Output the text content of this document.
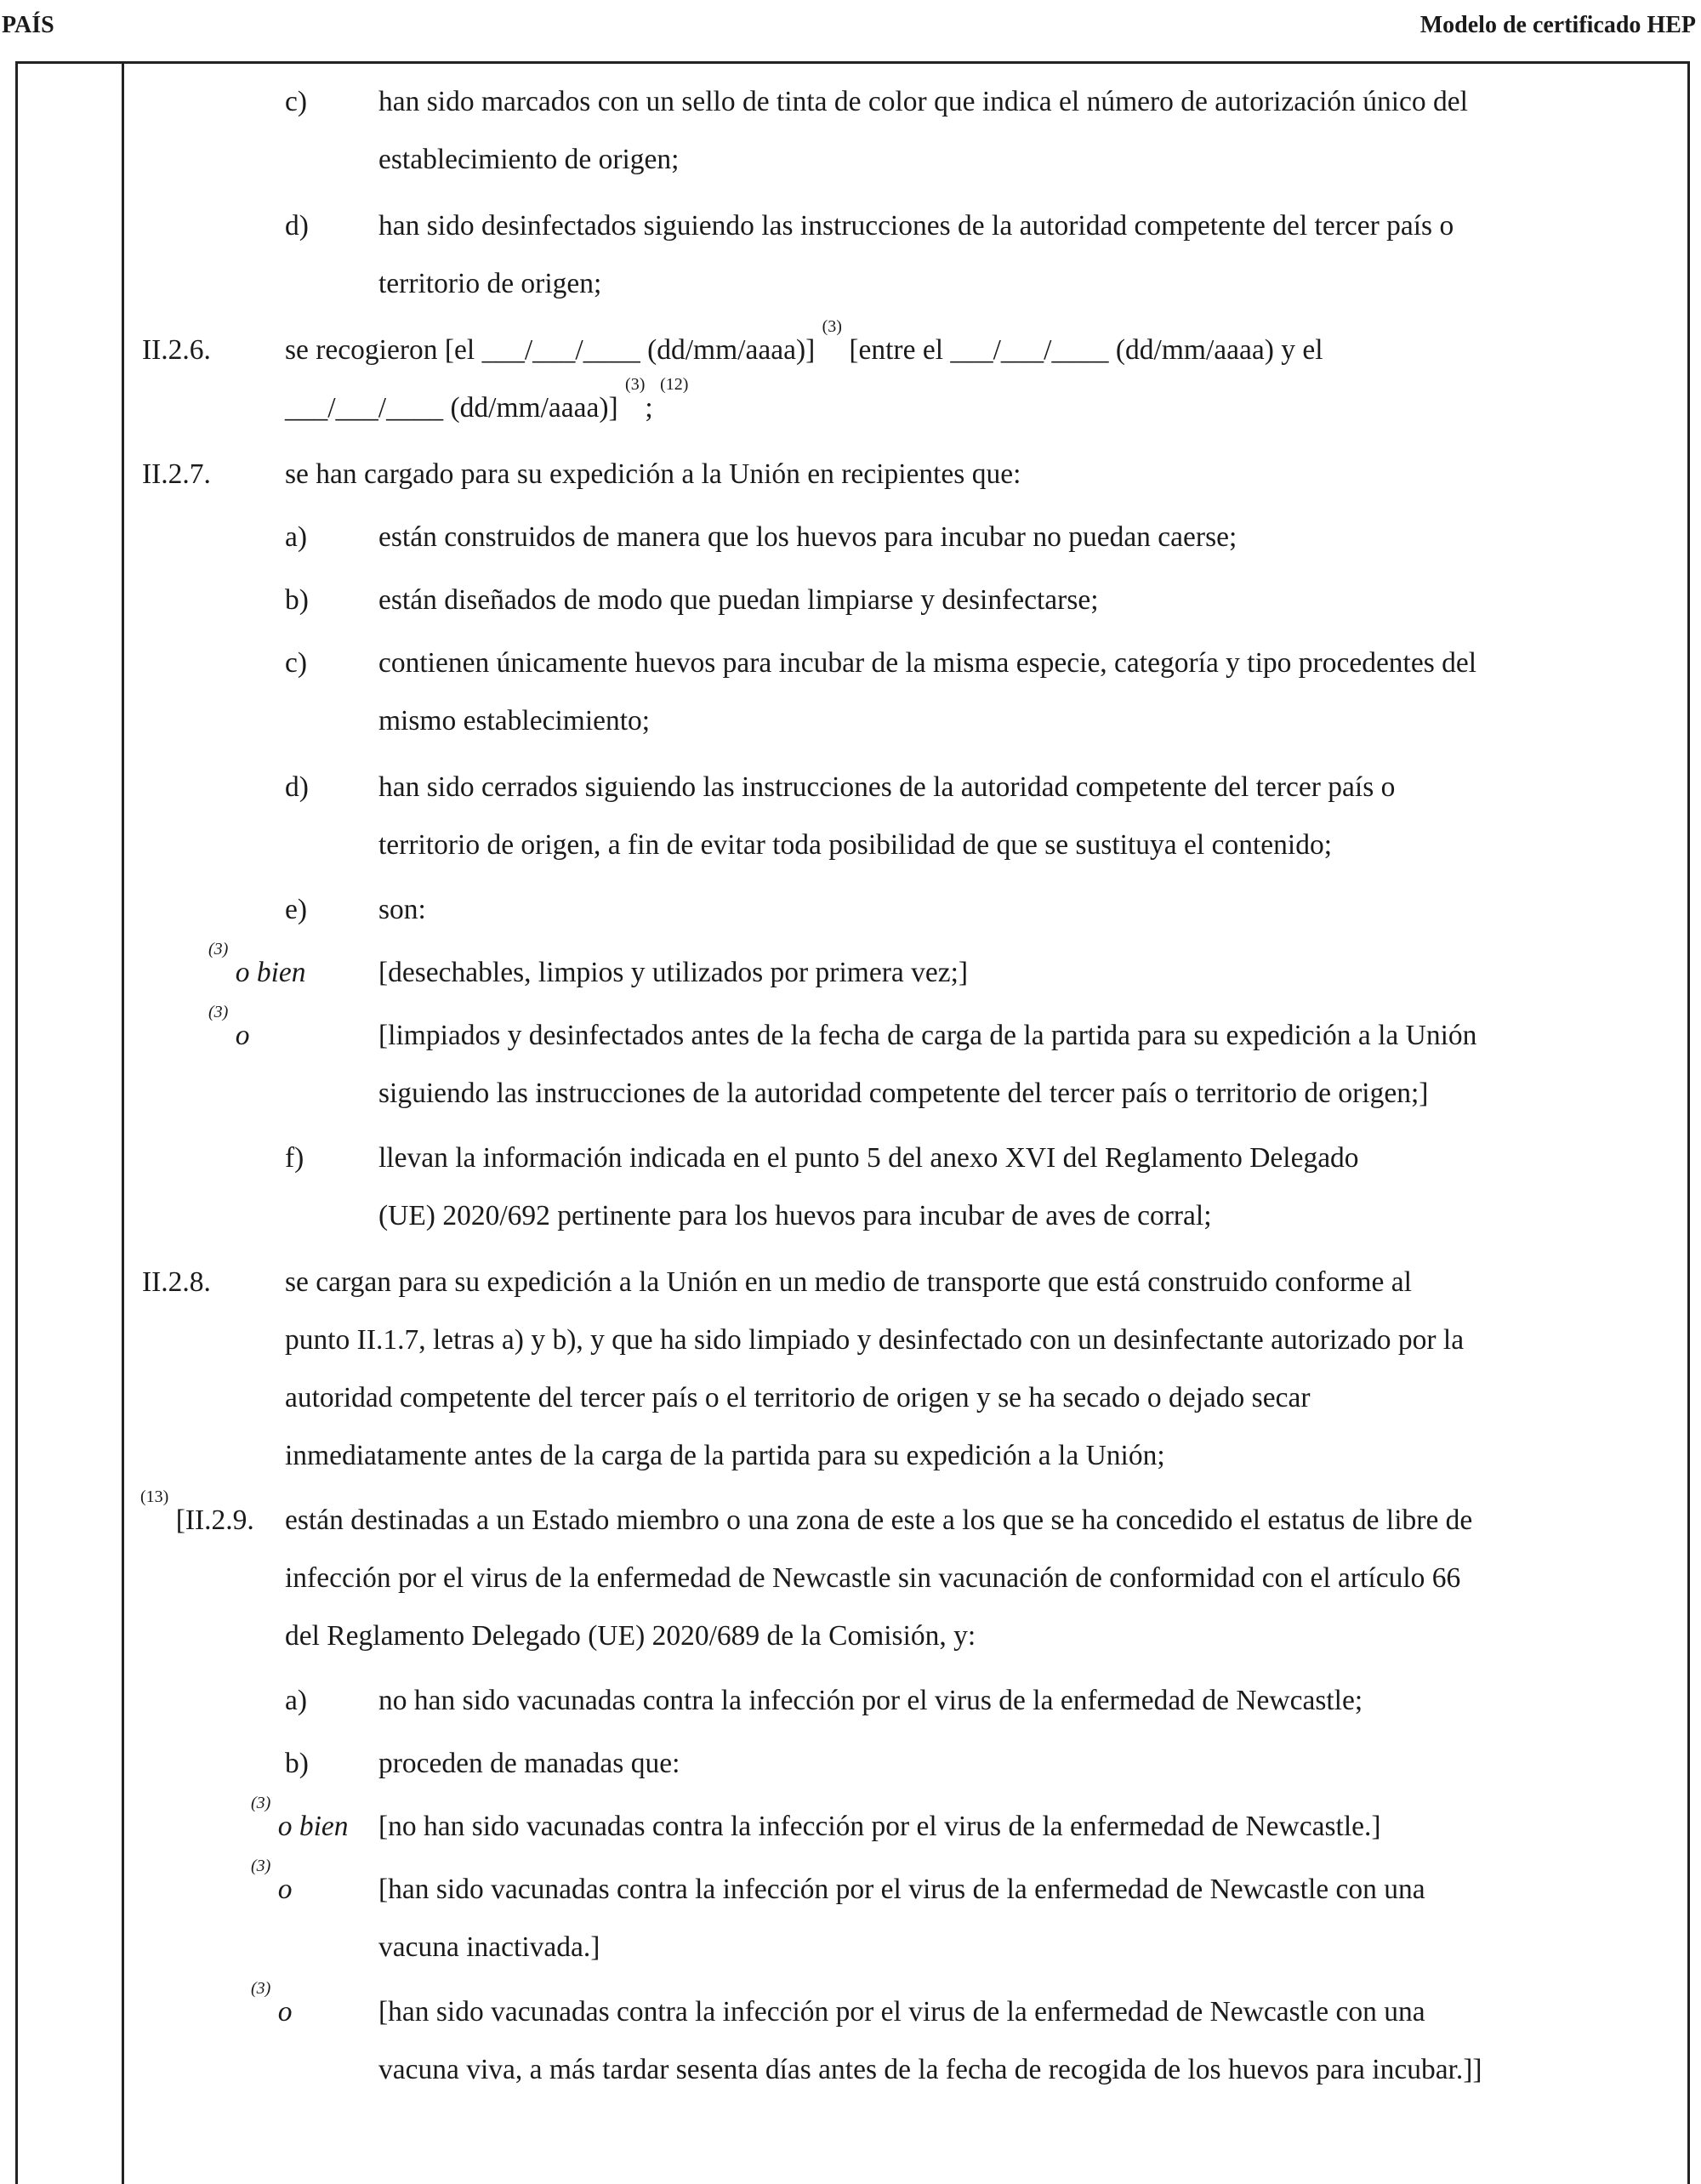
PAÍS	Modelo de certificado HEP
c)	han sido marcados con un sello de tinta de color que indica el número de autorización único del
establecimiento de origen;
d) han sido desinfectados siguiendo las instrucciones de la autoridad competente del tercer país o
territorio de origen;
II.2.6.	se recogieron [el ___/___/____ (dd/mm/aaaa)] $^{(3)}$ [entre el ___/___/____ (dd/mm/aaaa) y el
___/___/____ (dd/mm/aaaa)] $^{(3)}$; $^{(12)}$
II.2.7.	se han cargado para su expedición a la Unión en recipientes que:
a)	están construidos de manera que los huevos para incubar no puedan caerse;
b) están diseñados de modo que puedan limpiarse y desinfectarse;
c)	contienen únicamente huevos para incubar de la misma especie, categoría y tipo procedentes del
mismo establecimiento;
d) han sido cerrados siguiendo las instrucciones de la autoridad competente del tercer país o
territorio de origen, a fin de evitar toda posibilidad de que se sustituya el contenido;
e)	son:
$^{(3)}$ o bien	[desechables, limpios y utilizados por primera vez;]
$^{(3)}$ o	[limpiados y desinfectados antes de la fecha de carga de la partida para su expedición a la Unión
siguiendo las instrucciones de la autoridad competente del tercer país o territorio de origen;]
f)	llevan la información indicada en el punto 5 del anexo XVI del Reglamento Delegado
(UE) 2020/692 pertinente para los huevos para incubar de aves de corral;
II.2.8.	se cargan para su expedición a la Unión en un medio de transporte que está construido conforme al
punto II.1.7, letras a) y b), y que ha sido limpiado y desinfectado con un desinfectante autorizado por la
autoridad competente del tercer país o el territorio de origen y se ha secado o dejado secar
inmediatamente antes de la carga de la partida para su expedición a la Unión;
$^{(13)}$ [II.2.9. están destinadas a un Estado miembro o una zona de este a los que se ha concedido el estatus de libre de
infección por el virus de la enfermedad de Newcastle sin vacunación de conformidad con el artículo 66
del Reglamento Delegado (UE) 2020/689 de la Comisión, y:
a)	no han sido vacunadas contra la infección por el virus de la enfermedad de Newcastle;
b) proceden de manadas que:
$^{(3)}$ o bien [no han sido vacunadas contra la infección por el virus de la enfermedad de Newcastle.]
$^{(3)}$ o	[han sido vacunadas contra la infección por el virus de la enfermedad de Newcastle con una
vacuna inactivada.]
$^{(3)}$ o	[han sido vacunadas contra la infección por el virus de la enfermedad de Newcastle con una
vacuna viva, a más tardar sesenta días antes de la fecha de recogida de los huevos para incubar.]]
